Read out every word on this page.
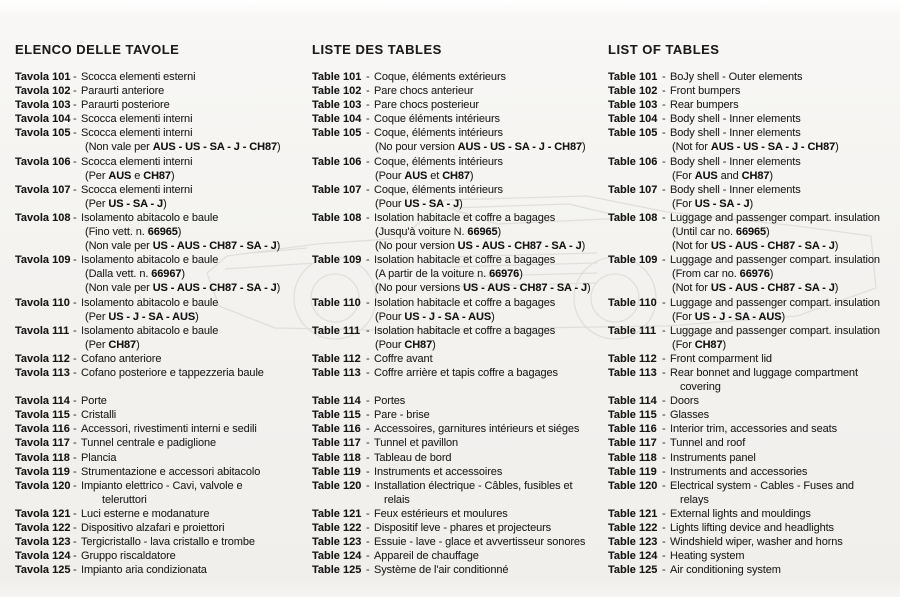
ELENCO DELLE TAVOLE
Tavola 101 - Scocca elementi esterni
Tavola 102 - Paraurti anteriore
Tavola 103 - Paraurti posteriore
Tavola 104 - Scocca elementi interni
Tavola 105 - Scocca elementi interni
(Non vale per AUS - US - SA - J - CH87)
Tavola 106 - Scocca elementi interni
(Per AUS e CH87)
Tavola 107 - Scocca elementi interni
(Per US - SA - J)
Tavola 108 - Isolamento abitacolo e baule
(Fino vett. n. 66965)
(Non vale per US - AUS - CH87 - SA - J)
Tavola 109 - Isolamento abitacolo e baule
(Dalla vett. n. 66967)
(Non vale per US - AUS - CH87 - SA - J)
Tavola 110 - Isolamento abitacolo e baule
(Per US - J - SA - AUS)
Tavola 111 - Isolamento abitacolo e baule
(Per CH87)
Tavola 112 - Cofano anteriore
Tavola 113 - Cofano posteriore e tappezzeria baule
Tavola 114 - Porte
Tavola 115 - Cristalli
Tavola 116 - Accessori, rivestimenti interni e sedili
Tavola 117 - Tunnel centrale e padiglione
Tavola 118 - Plancia
Tavola 119 - Strumentazione e accessori abitacolo
Tavola 120 - Impianto elettrico - Cavi, valvole e
teleruttori
Tavola 121 - Luci esterne e modanature
Tavola 122 - Dispositivo alzafari e proiettori
Tavola 123 - Tergicristallo - lava cristallo e trombe
Tavola 124 - Gruppo riscaldatore
Tavola 125 - Impianto aria condizionata
LISTE DES TABLES
Table 101 - Coque, éléments extérieurs
Table 102 - Pare chocs anterieur
Table 103 - Pare chocs posterieur
Table 104 - Coque éléments intérieurs
Table 105 - Coque, éléments intérieurs
(No pour version AUS - US - SA - J - CH87)
Table 106 - Coque, éléments intérieurs
(Pour AUS et CH87)
Table 107 - Coque, éléments intérieurs
(Pour US - SA - J)
Table 108 - Isolation habitacle et coffre a bagages
(Jusqu'à voiture N. 66965)
(No pour version US - AUS - CH87 - SA - J)
Table 109 - Isolation habitacle et coffre a bagages
(A partir de la voiture n. 66976)
(No pour versions US - AUS - CH87 - SA - J)
Table 110 - Isolation habitacle et coffre a bagages
(Pour US - J - SA - AUS)
Table 111 - Isolation habitacle et coffre a bagages
(Pour CH87)
Table 112 - Coffre avant
Table 113 - Coffre arrière et tapis coffre a bagages
Table 114 - Portes
Table 115 - Pare - brise
Table 116 - Accessoires, garnitures intérieurs et siéges
Table 117 - Tunnel et pavillon
Table 118 - Tableau de bord
Table 119 - Instruments et accessoires
Table 120 - Installation électrique - Câbles, fusibles et
relais
Table 121 - Feux estérieurs et moulures
Table 122 - Dispositif leve - phares et projecteurs
Table 123 - Essuie - lave - glace et avvertisseur sonores
Table 124 - Appareil de chauffage
Table 125 - Système de l'air conditionné
LIST OF TABLES
Table 101 - BoJy shell - Outer elements
Table 102 - Front bumpers
Table 103 - Rear bumpers
Table 104 - Body shell - Inner elements
Table 105 - Body shell - Inner elements
(Not for AUS - US - SA - J - CH87)
Table 106 - Body shell - Inner elements
(For AUS and CH87)
Table 107 - Body shell - Inner elements
(For US - SA - J)
Table 108 - Luggage and passenger compart. insulation
(Until car no. 66965)
(Not for US - AUS - CH87 - SA - J)
Table 109 - Luggage and passenger compart. insulation
(From car no. 66976)
(Not for US - AUS - CH87 - SA - J)
Table 110 - Luggage and passenger compart. insulation
(For US - J - SA - AUS)
Table 111 - Luggage and passenger compart. insulation
(For CH87)
Table 112 - Front comparment lid
Table 113 - Rear bonnet and luggage compartment
covering
Table 114 - Doors
Table 115 - Glasses
Table 116 - Interior trim, accessories and seats
Table 117 - Tunnel and roof
Table 118 - Instruments panel
Table 119 - Instruments and accessories
Table 120 - Electrical system - Cables - Fuses and
relays
Table 121 - External lights and mouldings
Table 122 - Lights lifting device and headlights
Table 123 - Windshield wiper, washer and horns
Table 124 - Heating system
Table 125 - Air conditioning system
